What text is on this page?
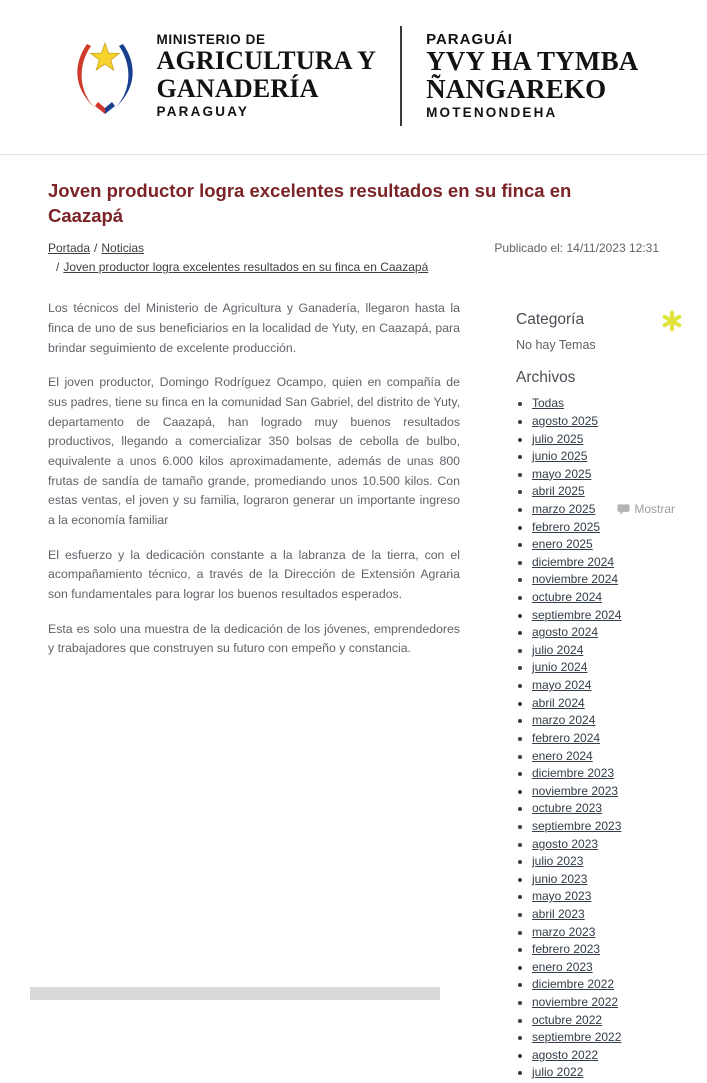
MINISTERIO DE
AGRICULTURA Y
GANADERÍA
PARAGUAY
PARAGUÁI
YVY HA TYMBA
ÑANGAREKO
MOTENONDEHA
Joven productor logra excelentes resultados en su finca en Caazapá
Portada / Noticias/ Joven productor logra excelentes resultados en su finca en Caazapá
Publicado el: 14/11/2023 12:31

Los técnicos del Ministerio de Agricultura y Ganadería, llegaron hasta la finca de uno de sus beneficiarios en la localidad de Yuty, en Caazapá, para brindar seguimiento de excelente producción.

El joven productor, Domingo Rodríguez Ocampo, quien en compañía de sus padres, tiene su finca en la comunidad San Gabriel, del distrito de Yuty, departamento de Caazapá, han logrado muy buenos resultados productivos, llegando a comercializar 350 bolsas de cebolla de bulbo, equivalente a unos 6.000 kilos aproximadamente, además de unas 800 frutas de sandía de tamaño grande, promediando unos 10.500 kilos. Con estas ventas, el joven y su familia, lograron generar un importante ingreso a la economía familiar

El esfuerzo y la dedicación constante a la labranza de la tierra, con el acompañamiento técnico, a través de la Dirección de Extensión Agraria son fundamentales para lograr los buenos resultados esperados.

Esta es solo una muestra de la dedicación de los jóvenes, emprendedores y trabajadores que construyen su futuro con empeño y constancia.

Categoría
No hay Temas
Archivos
• Todas
• agosto 2025
• julio 2025
• junio 2025
• mayo 2025
• abril 2025
• marzo 2025
• febrero 2025
• enero 2025
• diciembre 2024
• noviembre 2024
• octubre 2024
• septiembre 2024
• agosto 2024
• julio 2024
• junio 2024
• mayo 2024
• abril 2024
• marzo 2024
• febrero 2024
• enero 2024
• diciembre 2023
• noviembre 2023
• octubre 2023
• septiembre 2023
• agosto 2023
• julio 2023
• junio 2023
• mayo 2023
• abril 2023
• marzo 2023
• febrero 2023
• enero 2023
• diciembre 2022
• noviembre 2022
• octubre 2022
• septiembre 2022
• agosto 2022
• julio 2022
Mostrar
